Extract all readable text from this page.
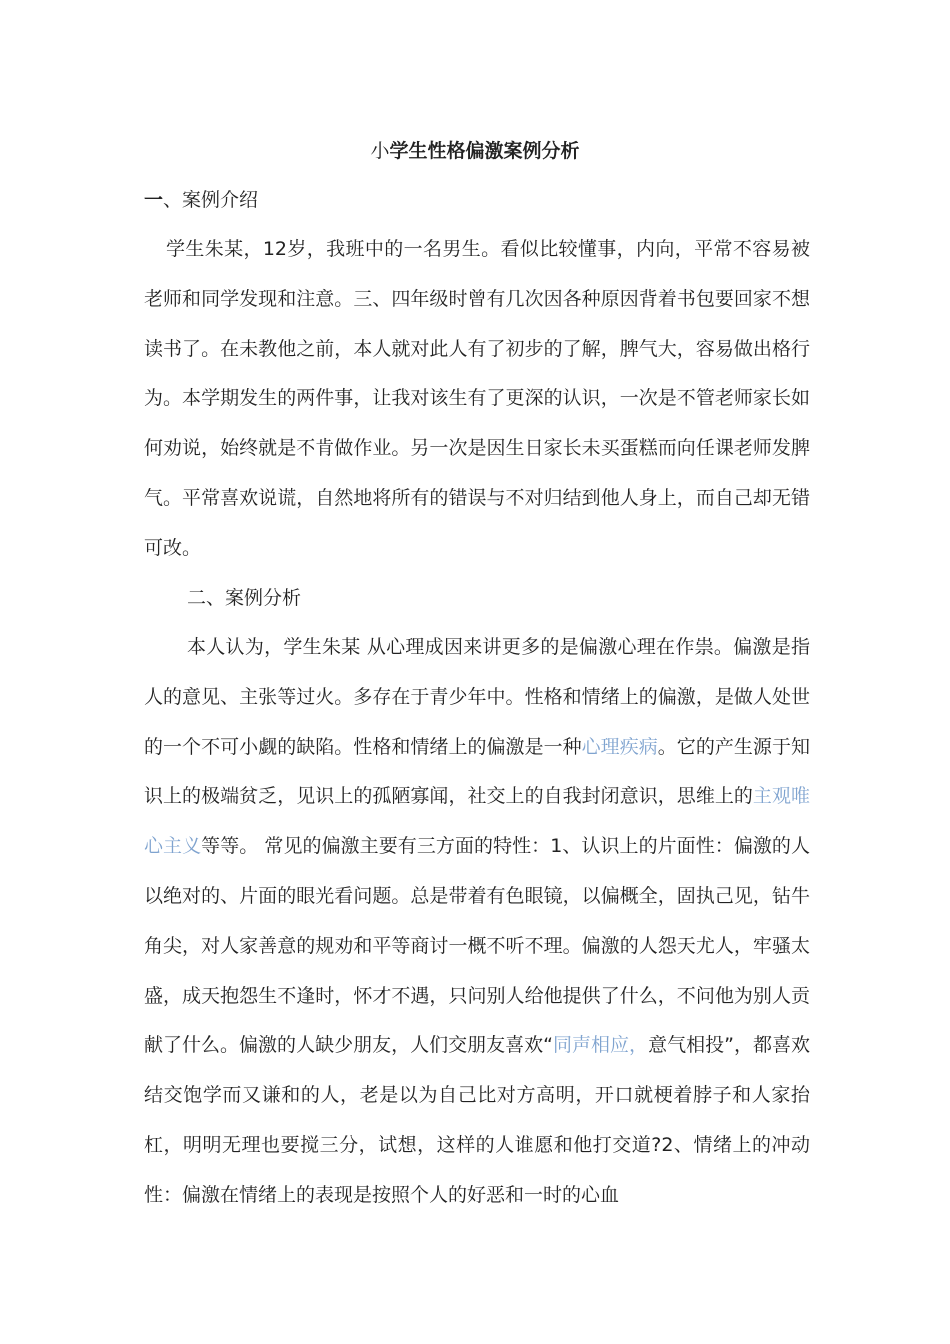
小学生性格偏激案例分析
一、案例介绍

学生朱某，12岁，我班中的一名男生。看似比较懂事，内向，平常不容易被老师和同学发现和注意。三、四年级时曾有几次因各种原因背着书包要回家不想读书了。在未教他之前，本人就对此人有了初步的了解，脾气大，容易做出格行为。本学期发生的两件事，让我对该生有了更深的认识，一次是不管老师家长如何劝说，始终就是不肯做作业。另一次是因生日家长未买蛋糕而向任课老师发脾气。平常喜欢说谎，自然地将所有的错误与不对归结到他人身上，而自己却无错可改。

二、案例分析

本人认为，学生朱某 从心理成因来讲更多的是偏激心理在作祟。偏激是指人的意见、主张等过火。多存在于青少年中。性格和情绪上的偏激，是做人处世的一个不可小觑的缺陷。性格和情绪上的偏激是一种心理疾病。它的产生源于知识上的极端贫乏，见识上的孤陋寡闻，社交上的自我封闭意识，思维上的主观唯心主义等等。 常见的偏激主要有三方面的特性：1、认识上的片面性：偏激的人以绝对的、片面的眼光看问题。总是带着有色眼镜，以偏概全，固执己见，钻牛角尖，对人家善意的规劝和平等商讨一概不听不理。偏激的人怨天尤人，牢骚太盛，成天抱怨生不逢时，怀才不遇，只问别人给他提供了什么，不问他为别人贡献了什么。偏激的人缺少朋友，人们交朋友喜欢“同声相应，意气相投”，都喜欢结交饱学而又谦和的人，老是以为自己比对方高明，开口就梗着脖子和人家抬杠，明明无理也要搅三分，试想，这样的人谁愿和他打交道?2、情绪上的冲动性：偏激在情绪上的表现是按照个人的好恶和一时的心血
